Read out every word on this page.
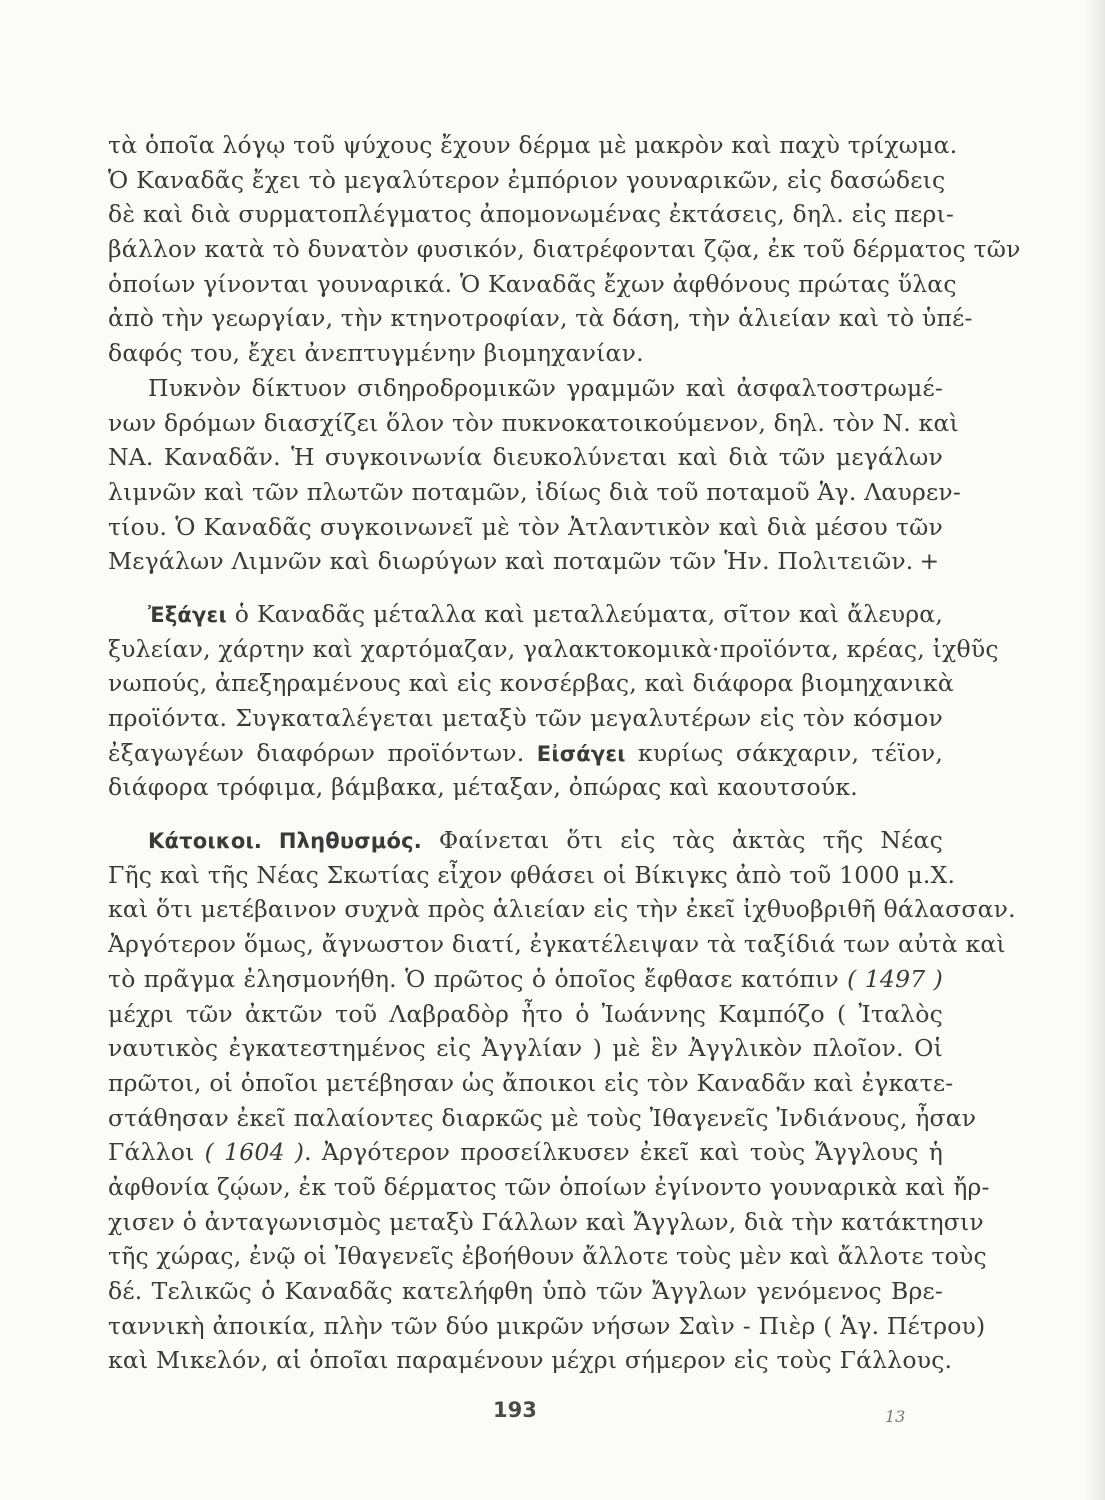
τὰ ὁποῖα λόγῳ τοῦ ψύχους ἔχουν δέρμα μὲ μακρὸν καὶ παχὺ τρίχωμα.
Ὁ Καναδᾶς ἔχει τὸ μεγαλύτερον ἐμπόριον γουναρικῶν, εἰς δασώδεις
δὲ καὶ διὰ συρματοπλέγματος ἀπομονωμένας ἐκτάσεις, δηλ. εἰς περι-
βάλλον κατὰ τὸ δυνατὸν φυσικόν, διατρέφονται ζῷα, ἐκ τοῦ δέρματος τῶν
ὁποίων γίνονται γουναρικά. Ὁ Καναδᾶς ἔχων ἀφθόνους πρώτας ὕλας
ἀπὸ τὴν γεωργίαν, τὴν κτηνοτροφίαν, τὰ δάση, τὴν ἁλιείαν καὶ τὸ ὑπέ-
δαφός του, ἔχει ἀνεπτυγμένην βιομηχανίαν.
Πυκνὸν δίκτυον σιδηροδρομικῶν γραμμῶν καὶ ἀσφαλτοστρωμέ-
νων δρόμων διασχίζει ὅλον τὸν πυκνοκατοικούμενον, δηλ. τὸν Ν. καὶ
ΝΑ. Καναδᾶν. Ἡ συγκοινωνία διευκολύνεται καὶ διὰ τῶν μεγάλων
λιμνῶν καὶ τῶν πλωτῶν ποταμῶν, ἰδίως διὰ τοῦ ποταμοῦ Ἁγ. Λαυρεν-
τίου. Ὁ Καναδᾶς συγκοινωνεῖ μὲ τὸν Ἀτλαντικὸν καὶ διὰ μέσου τῶν
Μεγάλων Λιμνῶν καὶ διωρύγων καὶ ποταμῶν τῶν Ἡν. Πολιτειῶν. +
Ἐξάγει ὁ Καναδᾶς μέταλλα καὶ μεταλλεύματα, σῖτον καὶ ἄλευρα,
ξυλείαν, χάρτην καὶ χαρτόμαζαν, γαλακτοκομικὰ·προϊόντα, κρέας, ἰχθῦς
νωπούς, ἀπεξηραμένους καὶ εἰς κονσέρβας, καὶ διάφορα βιομηχανικὰ
προϊόντα. Συγκαταλέγεται μεταξὺ τῶν μεγαλυτέρων εἰς τὸν κόσμον
ἐξαγωγέων διαφόρων προϊόντων. Εἰσάγει κυρίως σάκχαριν, τέϊον,
διάφορα τρόφιμα, βάμβακα, μέταξαν, ὀπώρας καὶ καουτσούκ.
Κάτοικοι. Πληθυσμός. Φαίνεται ὅτι εἰς τὰς ἀκτὰς τῆς Νέας
Γῆς καὶ τῆς Νέας Σκωτίας εἶχον φθάσει οἱ Βίκιγκς ἀπὸ τοῦ 1000 μ.Χ.
καὶ ὅτι μετέβαινον συχνὰ πρὸς ἁλιείαν εἰς τὴν ἐκεῖ ἰχθυοβριθῆ θάλασσαν.
Ἀργότερον ὅμως, ἄγνωστον διατί, ἐγκατέλειψαν τὰ ταξίδιά των αὐτὰ καὶ
τὸ πρᾶγμα ἐλησμονήθη. Ὁ πρῶτος ὁ ὁποῖος ἔφθασε κατόπιν ( 1497 )
μέχρι τῶν ἀκτῶν τοῦ Λαβραδὸρ ἦτο ὁ Ἰωάννης Καμπόζο ( Ἰταλὸς
ναυτικὸς ἐγκατεστημένος εἰς Ἀγγλίαν ) μὲ ἓν Ἀγγλικὸν πλοῖον. Οἱ
πρῶτοι, οἱ ὁποῖοι μετέβησαν ὡς ἄποικοι εἰς τὸν Καναδᾶν καὶ ἐγκατε-
στάθησαν ἐκεῖ παλαίοντες διαρκῶς μὲ τοὺς Ἰθαγενεῖς Ἰνδιάνους, ἦσαν
Γάλλοι ( 1604 ). Ἀργότερον προσείλκυσεν ἐκεῖ καὶ τοὺς Ἄγγλους ἡ
ἀφθονία ζῴων, ἐκ τοῦ δέρματος τῶν ὁποίων ἐγίνοντο γουναρικὰ καὶ ἤρ-
χισεν ὁ ἀνταγωνισμὸς μεταξὺ Γάλλων καὶ Ἄγγλων, διὰ τὴν κατάκτησιν
τῆς χώρας, ἐνῷ οἱ Ἰθαγενεῖς ἐβοήθουν ἄλλοτε τοὺς μὲν καὶ ἄλλοτε τοὺς
δέ. Τελικῶς ὁ Καναδᾶς κατελήφθη ὑπὸ τῶν Ἄγγλων γενόμενος Βρε-
ταννικὴ ἀποικία, πλὴν τῶν δύο μικρῶν νήσων Σαὶν - Πιὲρ ( Ἁγ. Πέτρου)
καὶ Μικελόν, αἱ ὁποῖαι παραμένουν μέχρι σήμερον εἰς τοὺς Γάλλους.
193	13
